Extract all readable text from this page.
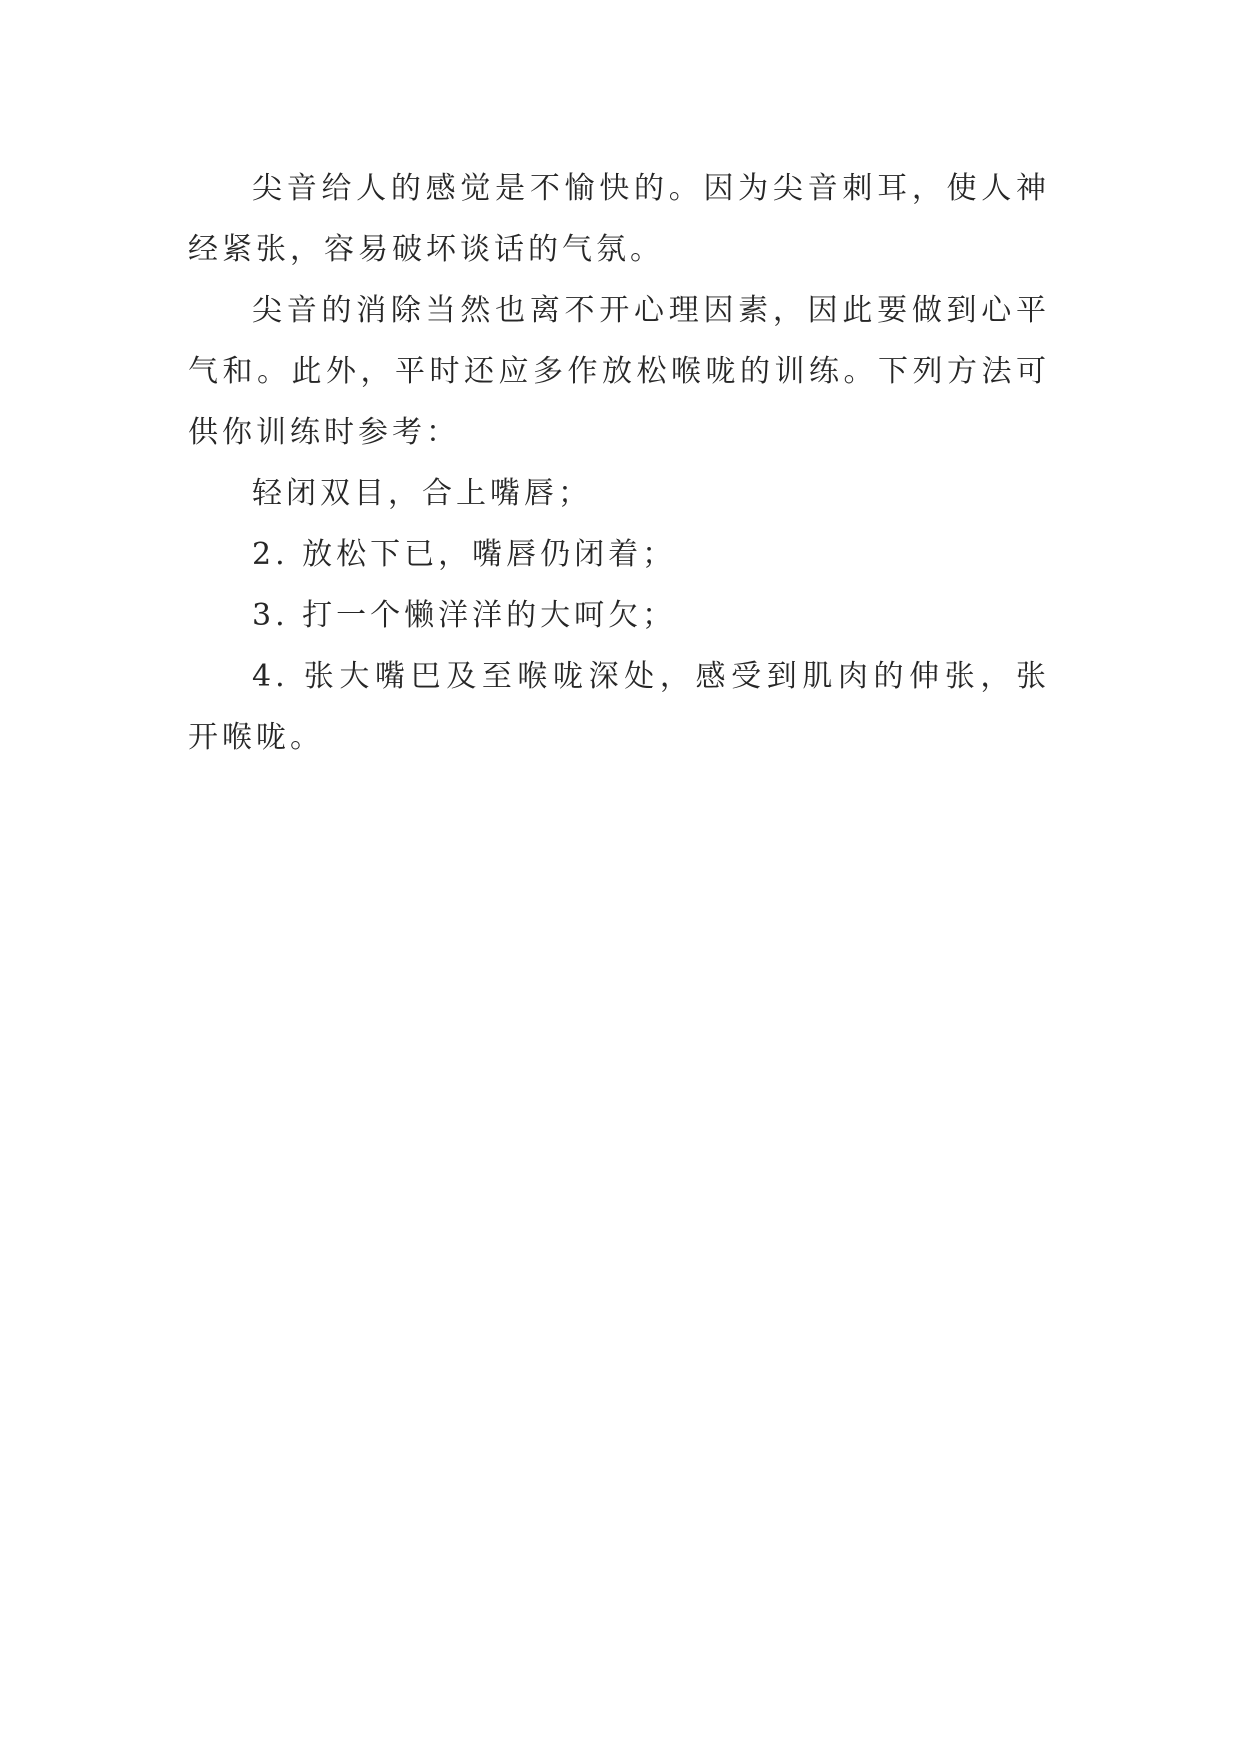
尖音给人的感觉是不愉快的。因为尖音刺耳，使人神经紧张，容易破坏谈话的气氛。

尖音的消除当然也离不开心理因素，因此要做到心平气和。此外，平时还应多作放松喉咙的训练。下列方法可供你训练时参考：

轻闭双目，合上嘴唇；

2. 放松下已，嘴唇仍闭着；

3. 打一个懒洋洋的大呵欠；

4. 张大嘴巴及至喉咙深处，感受到肌肉的伸张，张开喉咙。
